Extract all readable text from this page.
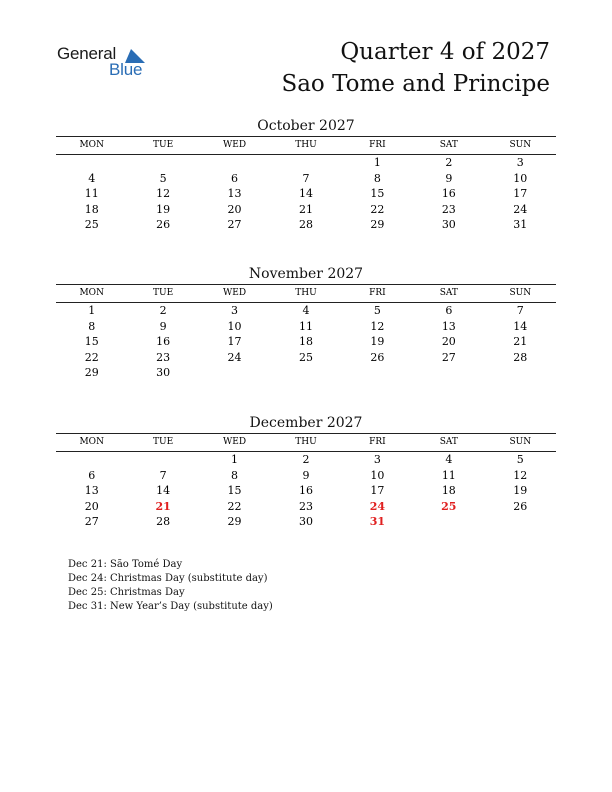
General
Blue
Quarter 4 of 2027
Sao Tome and Principe
October 2027
MON	TUE	WED	THU	FRI	SAT	SUN
				1	2	3
4	5	6	7	8	9	10
11	12	13	14	15	16	17
18	19	20	21	22	23	24
25	26	27	28	29	30	31
November 2027
MON	TUE	WED	THU	FRI	SAT	SUN
1	2	3	4	5	6	7
8	9	10	11	12	13	14
15	16	17	18	19	20	21
22	23	24	25	26	27	28
29	30					
December 2027
MON	TUE	WED	THU	FRI	SAT	SUN
		1	2	3	4	5
6	7	8	9	10	11	12
13	14	15	16	17	18	19
20	21	22	23	24	25	26
27	28	29	30	31		
Dec 21: São Tomé Day
Dec 24: Christmas Day (substitute day)
Dec 25: Christmas Day
Dec 31: New Year’s Day (substitute day)
